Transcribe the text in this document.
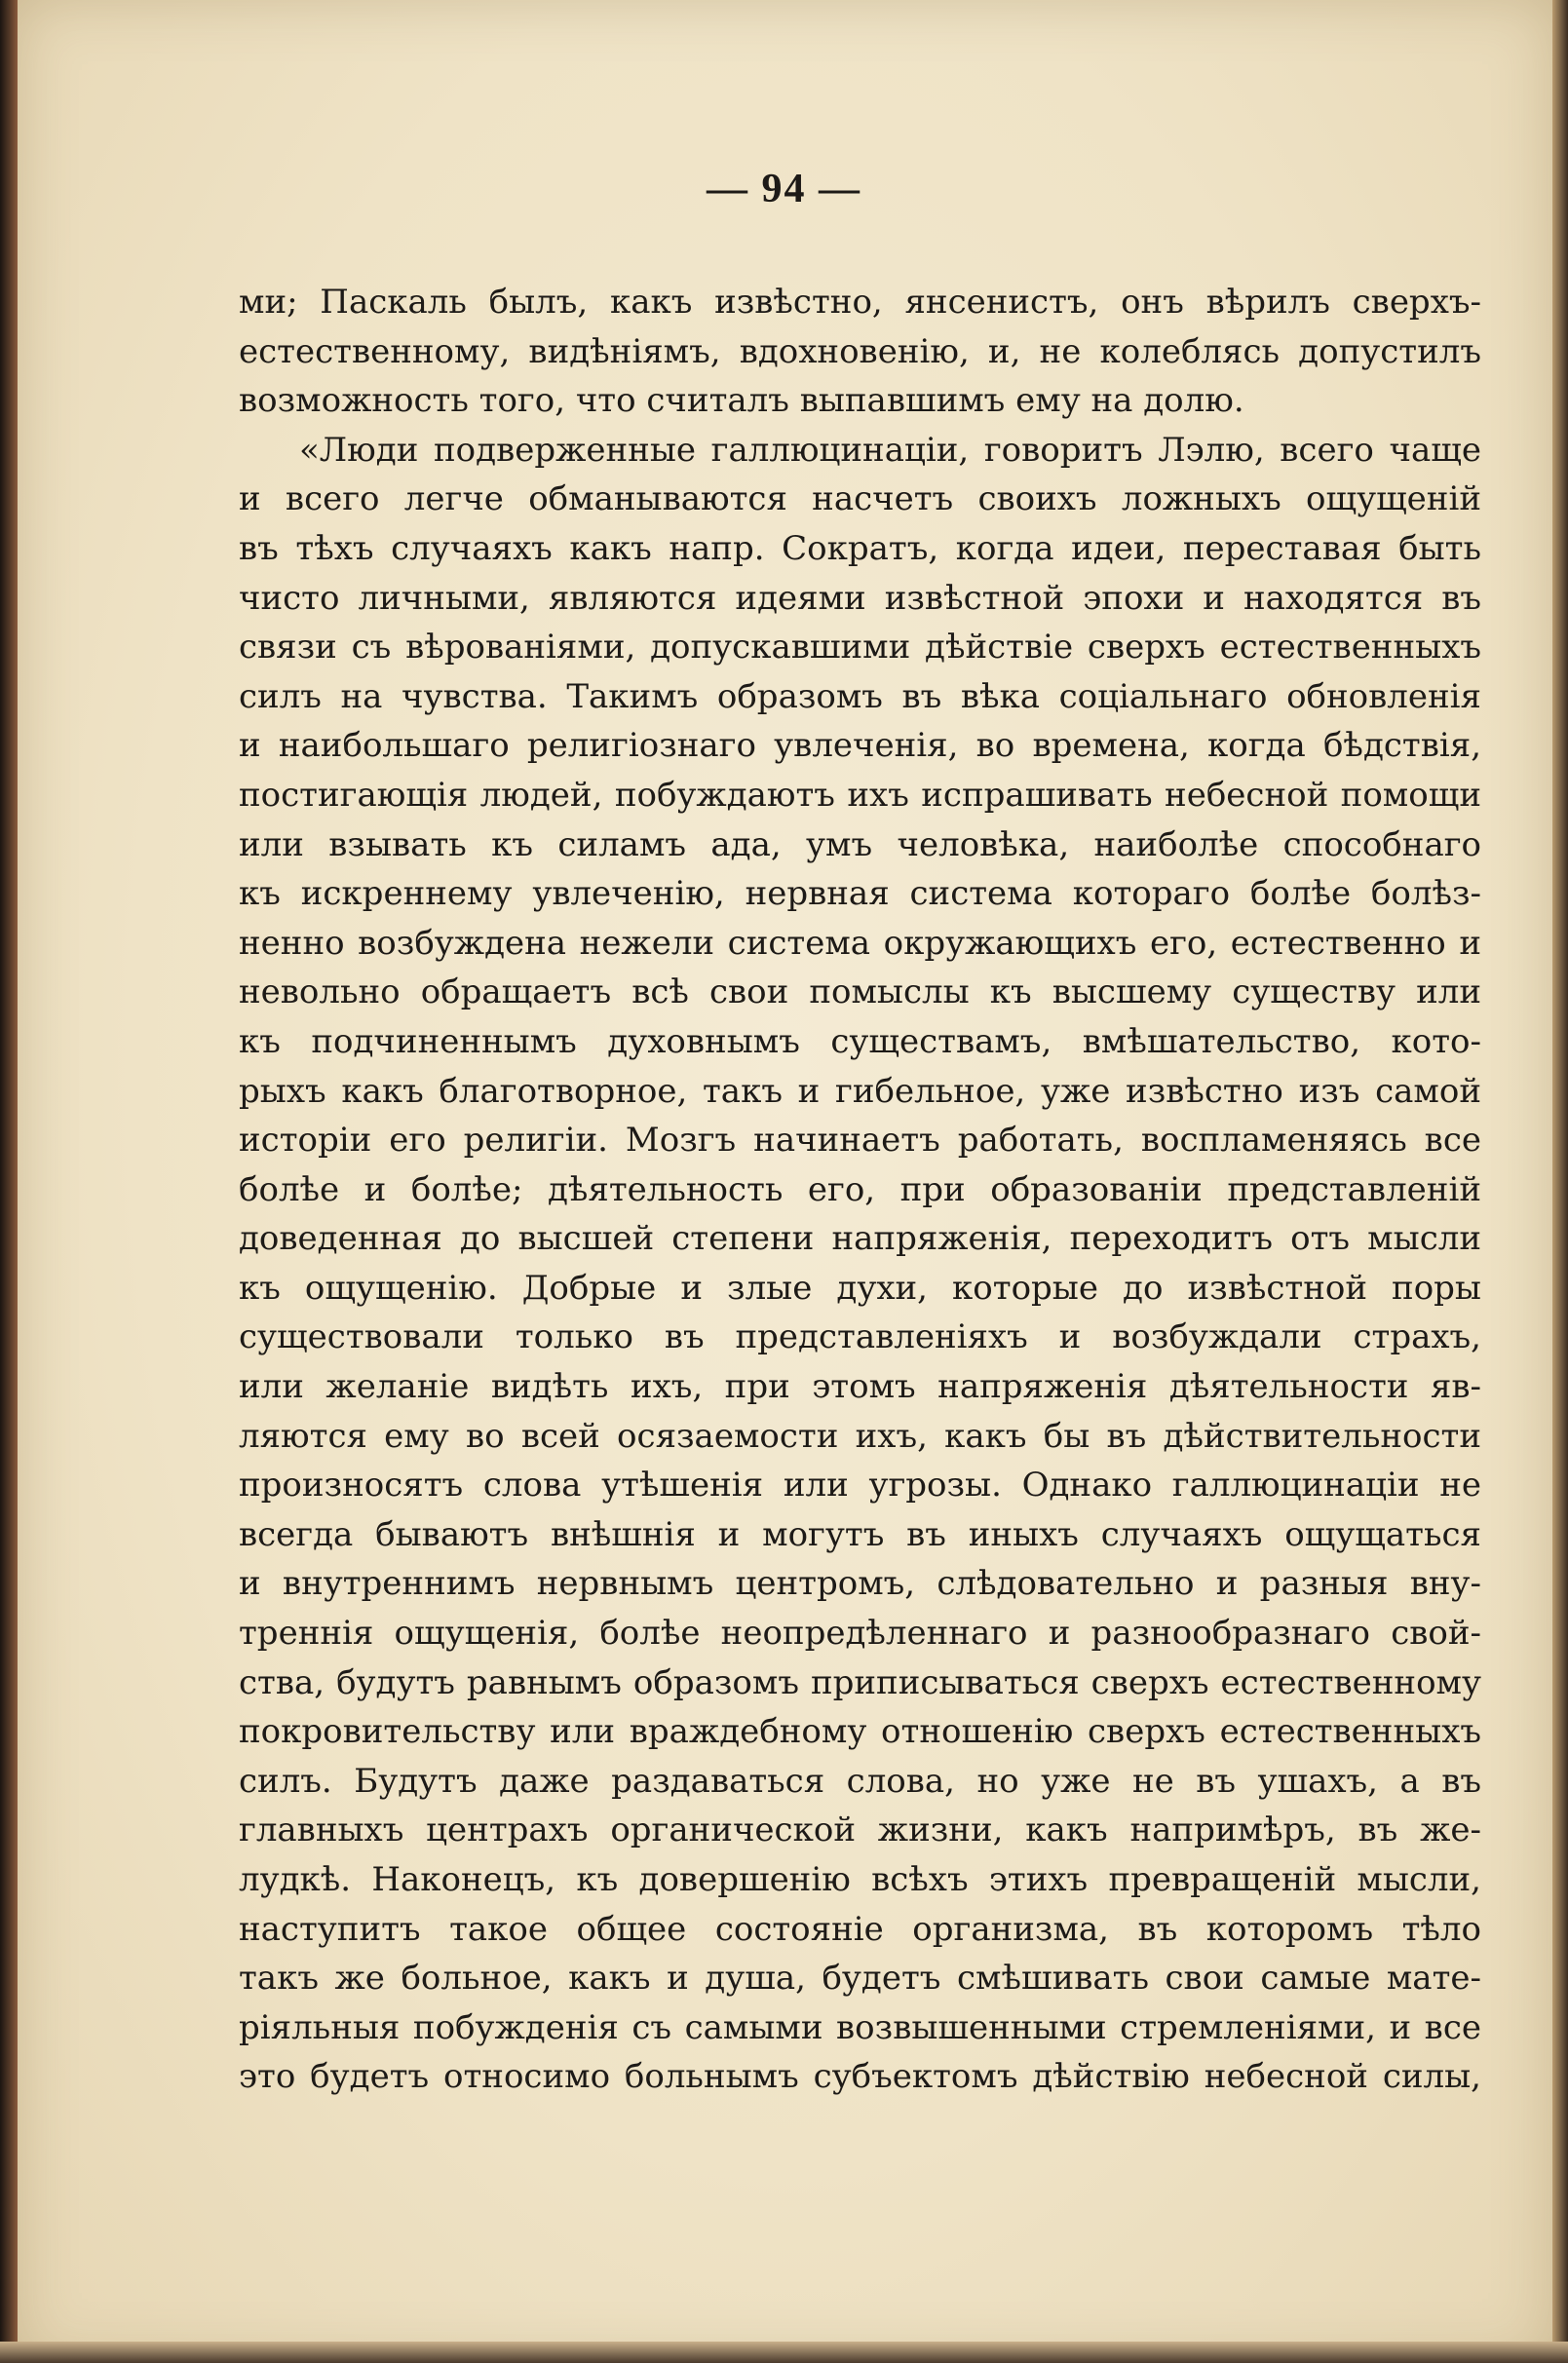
— 94 —
ми; Паскаль былъ, какъ извѣстно, янсенистъ, онъ вѣрилъ сверхъ-
естественному, видѣніямъ, вдохновенію, и, не колеблясь допустилъ
возможность того, что считалъ выпавшимъ ему на долю.
«Люди подверженные галлюцинаціи, говоритъ Лэлю, всего чаще
и всего легче обманываются насчетъ своихъ ложныхъ ощущеній
въ тѣхъ случаяхъ какъ напр. Сократъ, когда идеи, переставая быть
чисто личными, являются идеями извѣстной эпохи и находятся въ
связи съ вѣрованіями, допускавшими дѣйствіе сверхъ естественныхъ
силъ на чувства. Такимъ образомъ въ вѣка соціальнаго обновленія
и наибольшаго религіознаго увлеченія, во времена, когда бѣдствія,
постигающія людей, побуждаютъ ихъ испрашивать небесной помощи
или взывать къ силамъ ада, умъ человѣка, наиболѣе способнаго
къ искреннему увлеченію, нервная система котораго болѣе болѣз-
ненно возбуждена нежели система окружающихъ его, естественно и
невольно обращаетъ всѣ свои помыслы къ высшему существу или
къ подчиненнымъ духовнымъ существамъ, вмѣшательство, кото-
рыхъ какъ благотворное, такъ и гибельное, уже извѣстно изъ самой
исторіи его религіи. Мозгъ начинаетъ работать, воспламеняясь все
болѣе и болѣе; дѣятельность его, при образованіи представленій
доведенная до высшей степени напряженія, переходитъ отъ мысли
къ ощущенію. Добрые и злые духи, которые до извѣстной поры
существовали только въ представленіяхъ и возбуждали страхъ,
или желаніе видѣть ихъ, при этомъ напряженія дѣятельности яв-
ляются ему во всей осязаемости ихъ, какъ бы въ дѣйствительности
произносятъ слова утѣшенія или угрозы. Однако галлюцинаціи не
всегда бываютъ внѣшнія и могутъ въ иныхъ случаяхъ ощущаться
и внутреннимъ нервнымъ центромъ, слѣдовательно и разныя вну-
треннія ощущенія, болѣе неопредѣленнаго и разнообразнаго свой-
ства, будутъ равнымъ образомъ приписываться сверхъ естественному
покровительству или враждебному отношенію сверхъ естественныхъ
силъ. Будутъ даже раздаваться слова, но уже не въ ушахъ, а въ
главныхъ центрахъ органической жизни, какъ напримѣръ, въ же-
лудкѣ. Наконецъ, къ довершенію всѣхъ этихъ превращеній мысли,
наступитъ такое общее состояніе организма, въ которомъ тѣло
такъ же больное, какъ и душа, будетъ смѣшивать свои самые мате-
ріяльныя побужденія съ самыми возвышенными стремленіями, и все
это будетъ относимо больнымъ субъектомъ дѣйствію небесной силы,
